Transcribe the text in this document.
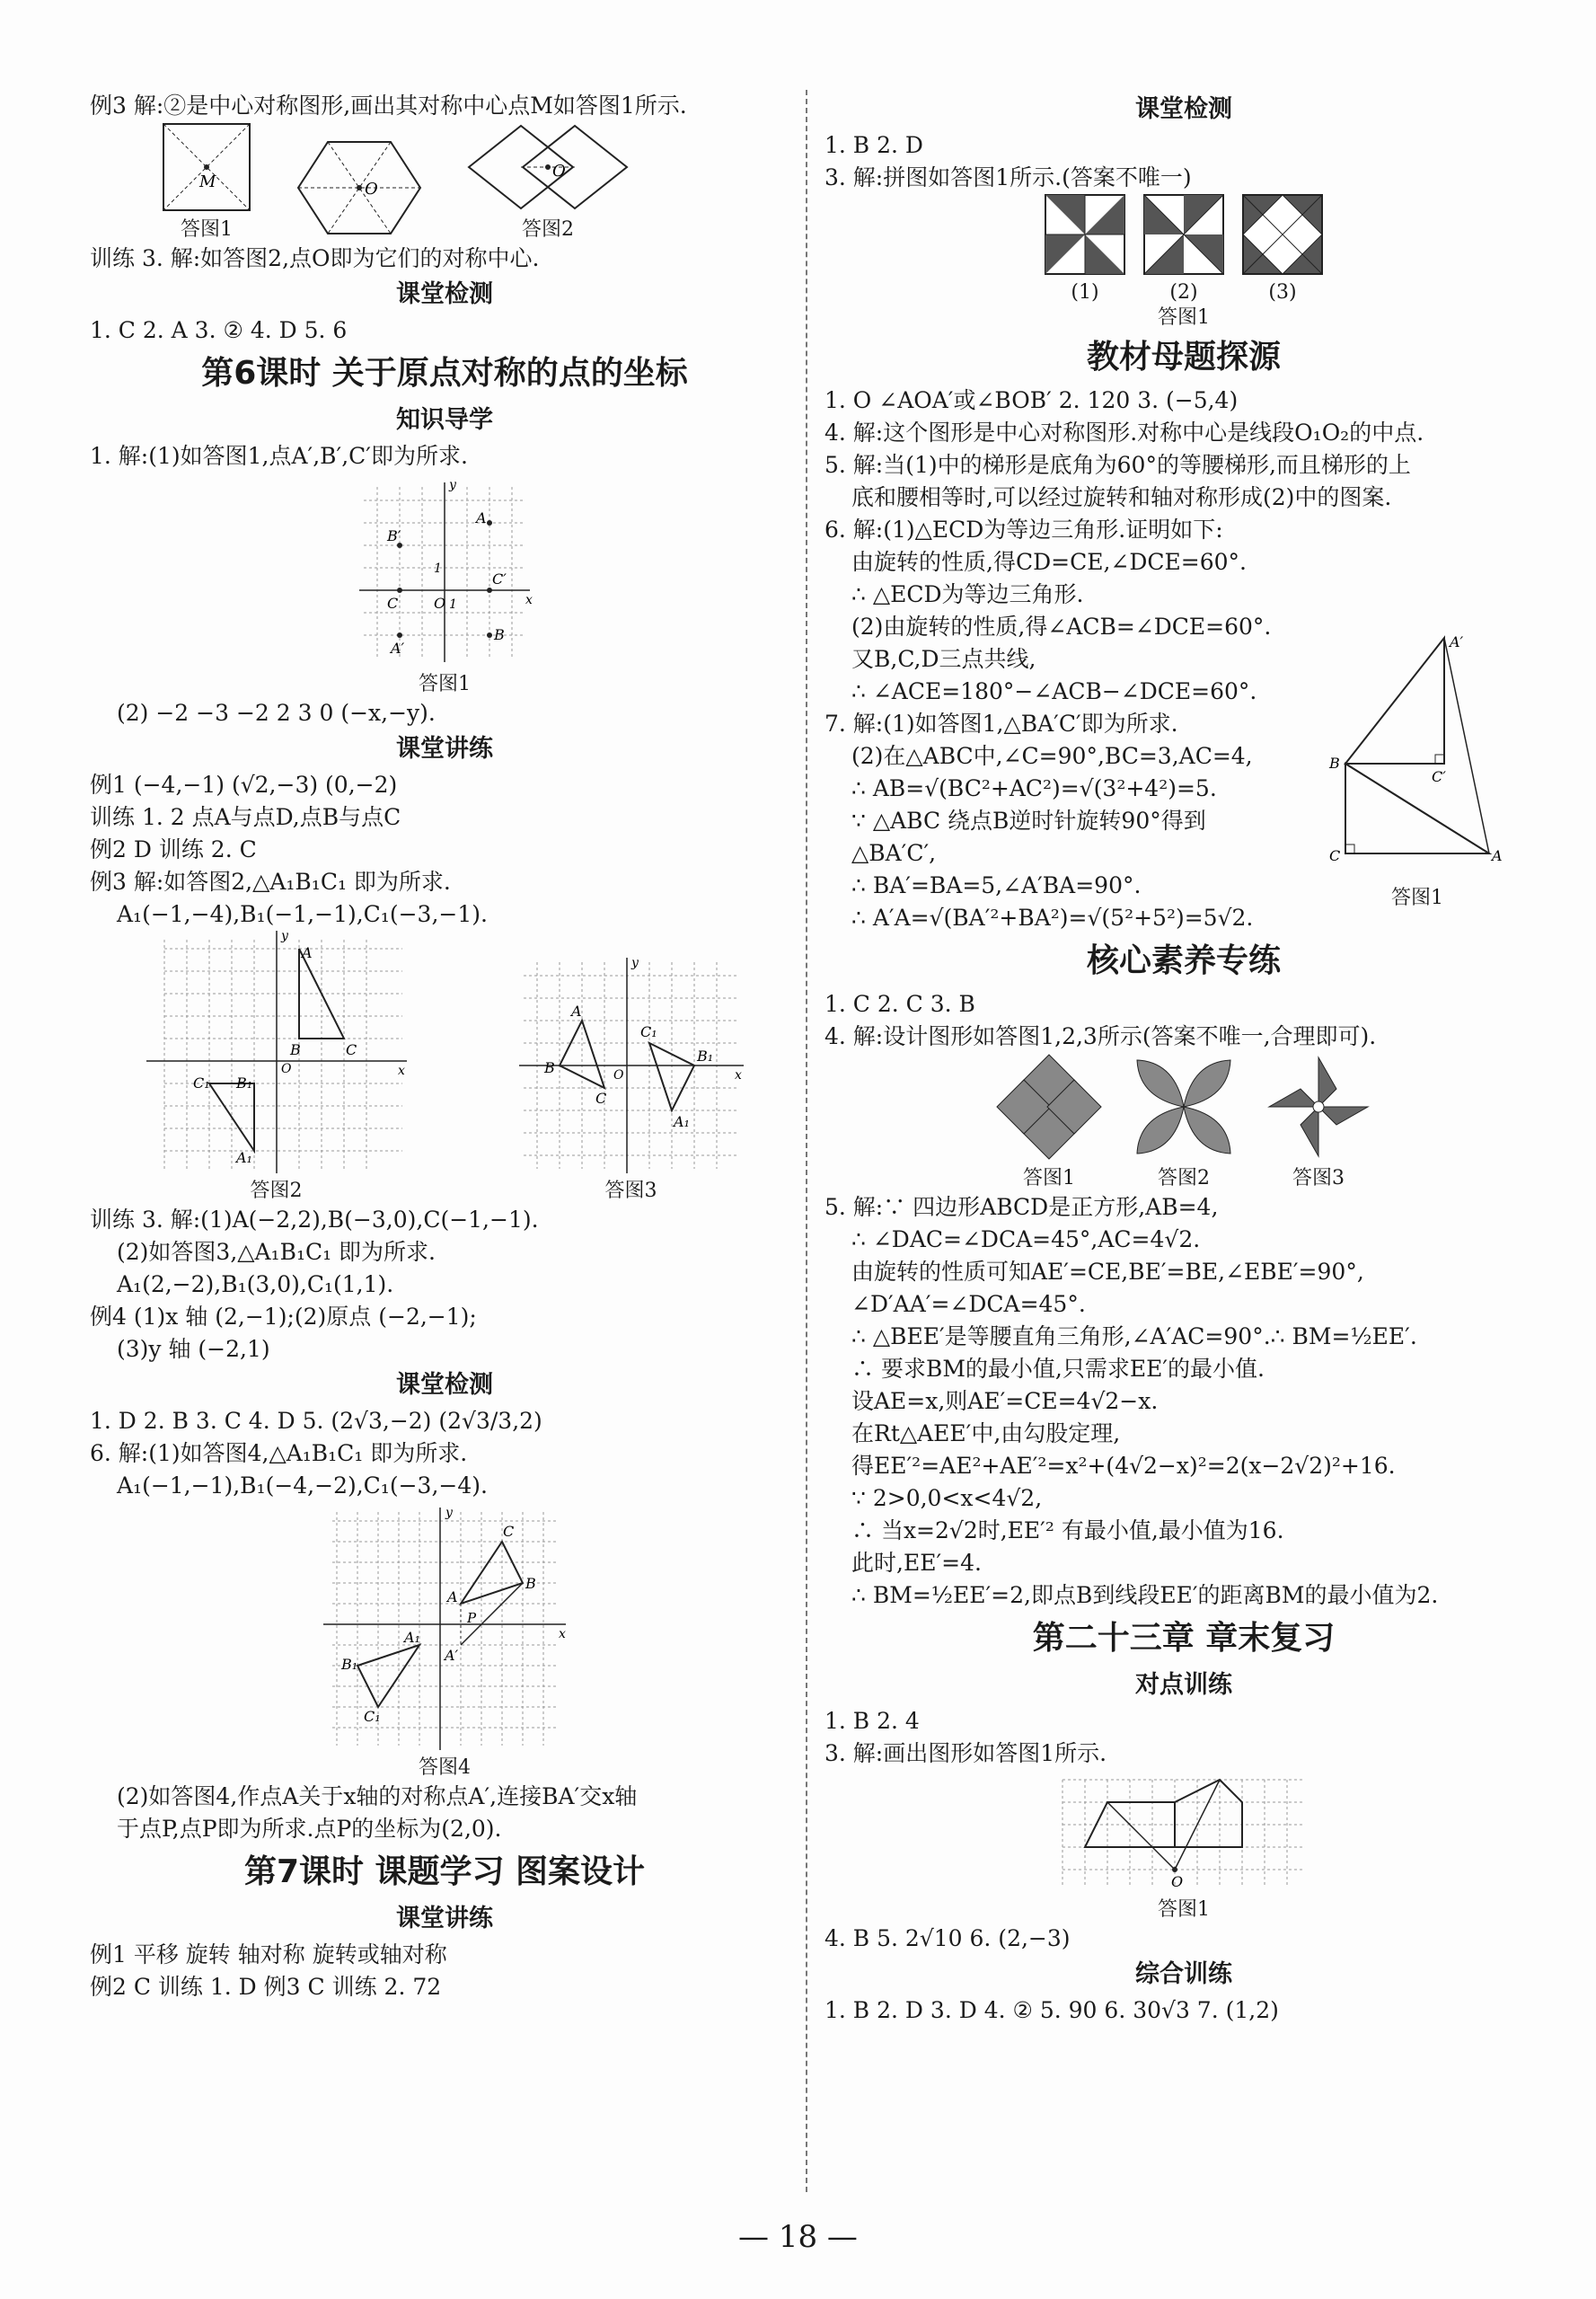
例3 解:②是中心对称图形,画出其对称中心点M如答图1所示.

M
答图1
O
O
答图2

训练 3. 解:如答图2,点O即为它们的对称中心.

课堂检测

1. C 2. A 3. ② 4. D 5. 6

第6课时 关于原点对称的点的坐标
知识导学

1. 解:(1)如答图1,点A′,B′,C′即为所求.

A
B′
C′
C
B
A′
O 1
1
x
y
答图1

(2) −2 −3 −2 2 3 0 (−x,−y).

课堂讲练

例1 (−4,−1) (√2,−3) (0,−2)

训练 1. 2 点A与点D,点B与点C

例2 D 训练 2. C

例3 解:如答图2,△A₁B₁C₁ 即为所求.

A₁(−1,−4),B₁(−1,−1),C₁(−3,−1).

A
B	C
B₁
C₁
A₁
O	x
y
答图2
A
B
C
C₁
B₁
A₁
O	x
y
答图3

训练 3. 解:(1)A(−2,2),B(−3,0),C(−1,−1).

(2)如答图3,△A₁B₁C₁ 即为所求.

A₁(2,−2),B₁(3,0),C₁(1,1).

例4 (1)x 轴 (2,−1);(2)原点 (−2,−1);

(3)y 轴 (−2,1)

课堂检测

1. D 2. B 3. C 4. D 5. (2√3,−2) (2√3/3,2)

6. 解:(1)如答图4,△A₁B₁C₁ 即为所求.

A₁(−1,−1),B₁(−4,−2),C₁(−3,−4).

A
C
B
P
A′
A₁
B₁
C₁
x
y
答图4

(2)如答图4,作点A关于x轴的对称点A′,连接BA′交x轴

于点P,点P即为所求.点P的坐标为(2,0).

第7课时 课题学习 图案设计
课堂讲练

例1 平移 旋转 轴对称 旋转或轴对称

例2 C 训练 1. D 例3 C 训练 2. 72

课堂检测

1. B 2. D

3. 解:拼图如答图1所示.(答案不唯一)

(1)	(2)	(3)
答图1
教材母题探源

1. O ∠AOA′或∠BOB′ 2. 120 3. (−5,4)

4. 解:这个图形是中心对称图形.对称中心是线段O₁O₂的中点.

5. 解:当(1)中的梯形是底角为60°的等腰梯形,而且梯形的上

底和腰相等时,可以经过旋转和轴对称形成(2)中的图案.

6. 解:(1)△ECD为等边三角形.证明如下:

由旋转的性质,得CD=CE,∠DCE=60°.

∴ △ECD为等边三角形.

(2)由旋转的性质,得∠ACB=∠DCE=60°.

又B,C,D三点共线,

∴ ∠ACE=180°−∠ACB−∠DCE=60°.

7. 解:(1)如答图1,△BA′C′即为所求.

(2)在△ABC中,∠C=90°,BC=3,AC=4,

∴ AB=√(BC²+AC²)=√(3²+4²)=5.

∵ △ABC 绕点B逆时针旋转90°得到

△BA′C′,

∴ BA′=BA=5,∠A′BA=90°.

∴ A′A=√(BA′²+BA²)=√(5²+5²)=5√2.

A′
B
C′
C	A
答图1
核心素养专练

1. C 2. C 3. B

4. 解:设计图形如答图1,2,3所示(答案不唯一,合理即可).

答图1	答图2	答图3

5. 解:∵ 四边形ABCD是正方形,AB=4,

∴ ∠DAC=∠DCA=45°,AC=4√2.

由旋转的性质可知AE′=CE,BE′=BE,∠EBE′=90°,

∠D′AA′=∠DCA=45°.

∴ △BEE′是等腰直角三角形,∠A′AC=90°.∴ BM=½EE′.

∴ 要求BM的最小值,只需求EE′的最小值.

设AE=x,则AE′=CE=4√2−x.

在Rt△AEE′中,由勾股定理,

得EE′²=AE²+AE′²=x²+(4√2−x)²=2(x−2√2)²+16.

∵ 2>0,0<x<4√2,

∴ 当x=2√2时,EE′² 有最小值,最小值为16.

此时,EE′=4.

∴ BM=½EE′=2,即点B到线段EE′的距离BM的最小值为2.

第二十三章 章末复习
对点训练

1. B 2. 4

3. 解:画出图形如答图1所示.

O
答图1

4. B 5. 2√10 6. (2,−3)

综合训练

1. B 2. D 3. D 4. ② 5. 90 6. 30√3 7. (1,2)

— 18 —
